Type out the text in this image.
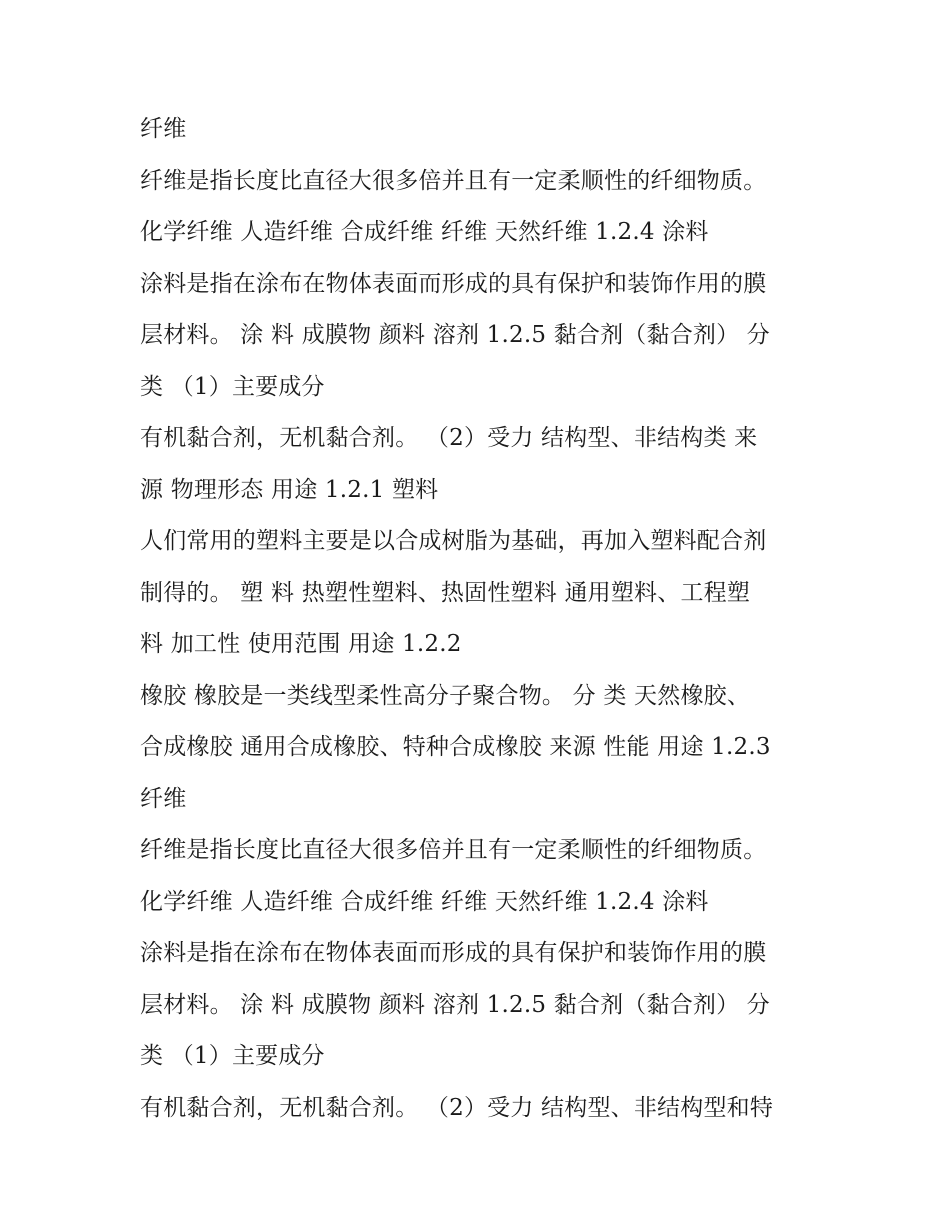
纤维
纤维是指长度比直径大很多倍并且有一定柔顺性的纤细物质。
化学纤维 人造纤维 合成纤维 纤维 天然纤维 1.2.4 涂料
涂料是指在涂布在物体表面而形成的具有保护和装饰作用的膜
层材料。 涂 料 成膜物 颜料 溶剂 1.2.5 黏合剂（黏合剂） 分
类 （1）主要成分
有机黏合剂，无机黏合剂。 （2）受力 结构型、非结构类 来
源 物理形态 用途 1.2.1 塑料
人们常用的塑料主要是以合成树脂为基础，再加入塑料配合剂
制得的。 塑 料 热塑性塑料、热固性塑料 通用塑料、工程塑
料 加工性 使用范围 用途 1.2.2
橡胶 橡胶是一类线型柔性高分子聚合物。 分 类 天然橡胶、
合成橡胶 通用合成橡胶、特种合成橡胶 来源 性能 用途 1.2.3
纤维
纤维是指长度比直径大很多倍并且有一定柔顺性的纤细物质。
化学纤维 人造纤维 合成纤维 纤维 天然纤维 1.2.4 涂料
涂料是指在涂布在物体表面而形成的具有保护和装饰作用的膜
层材料。 涂 料 成膜物 颜料 溶剂 1.2.5 黏合剂（黏合剂） 分
类 （1）主要成分
有机黏合剂，无机黏合剂。 （2）受力 结构型、非结构型和特
